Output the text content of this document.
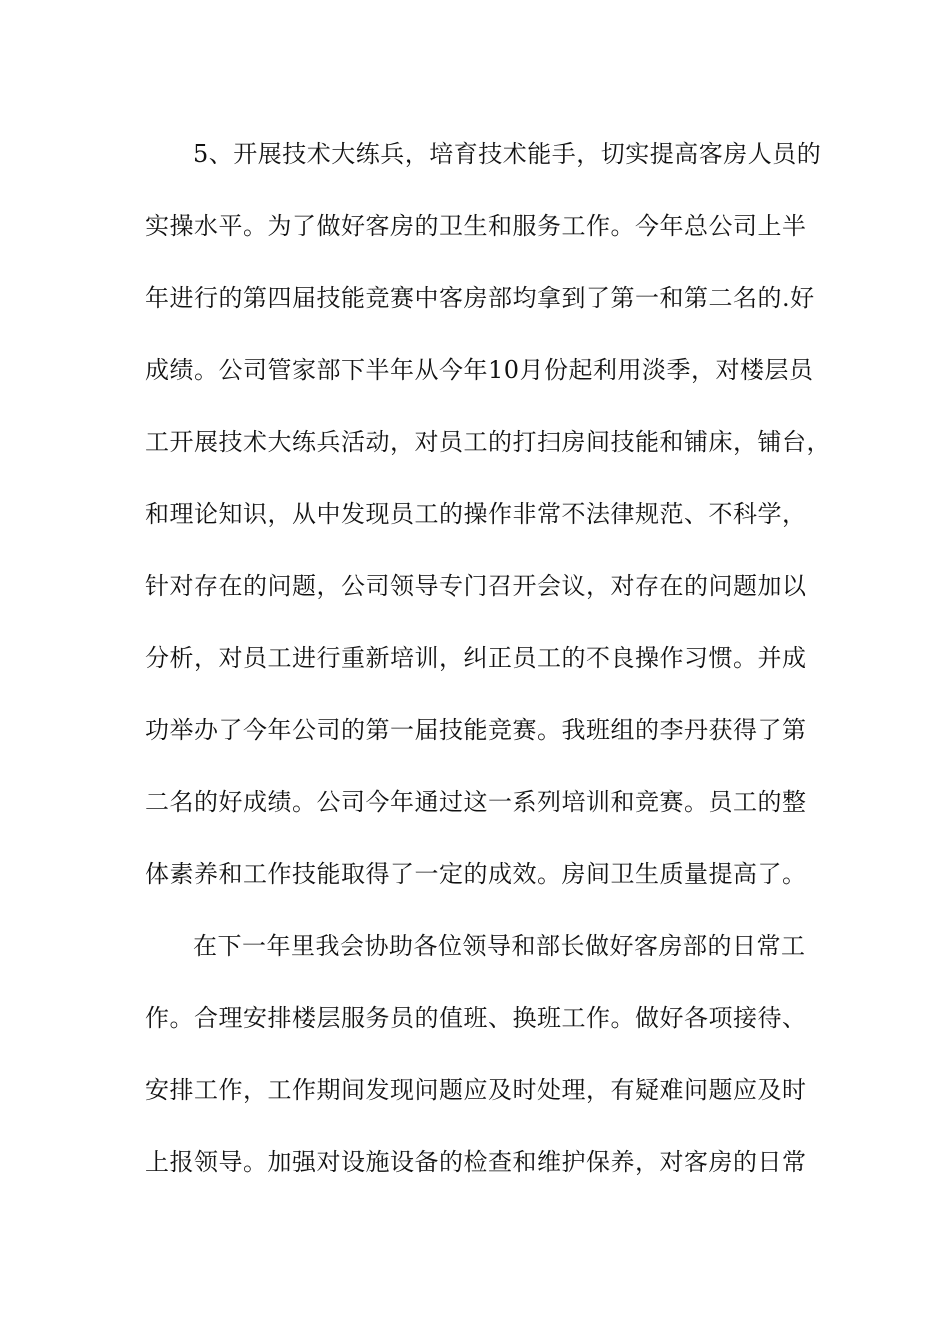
5、开展技术大练兵，培育技术能手，切实提高客房人员的
实操水平。为了做好客房的卫生和服务工作。今年总公司上半
年进行的第四届技能竞赛中客房部均拿到了第一和第二名的.好
成绩。公司管家部下半年从今年10月份起利用淡季，对楼层员
工开展技术大练兵活动，对员工的打扫房间技能和铺床，铺台，
和理论知识，从中发现员工的操作非常不法律规范、不科学，
针对存在的问题，公司领导专门召开会议，对存在的问题加以
分析，对员工进行重新培训，纠正员工的不良操作习惯。并成
功举办了今年公司的第一届技能竞赛。我班组的李丹获得了第
二名的好成绩。公司今年通过这一系列培训和竞赛。员工的整
体素养和工作技能取得了一定的成效。房间卫生质量提高了。
在下一年里我会协助各位领导和部长做好客房部的日常工
作。合理安排楼层服务员的值班、换班工作。做好各项接待、
安排工作，工作期间发现问题应及时处理，有疑难问题应及时
上报领导。加强对设施设备的检查和维护保养，对客房的日常
